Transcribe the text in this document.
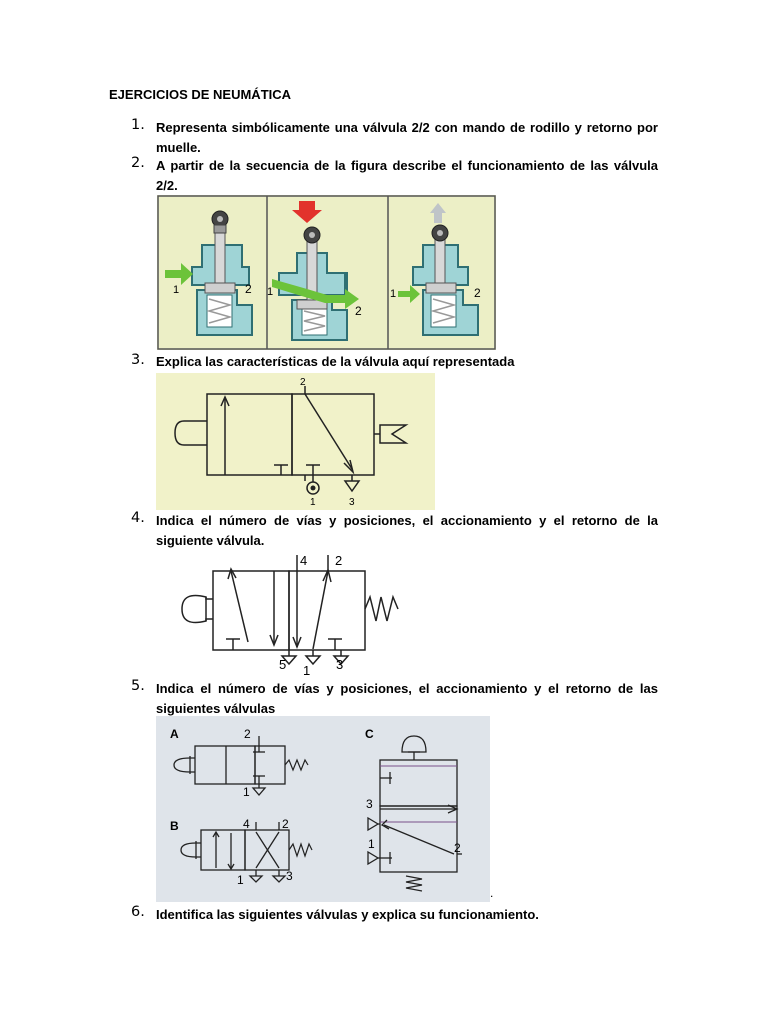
EJERCICIOS DE NEUMÁTICA
1. Representa simbólicamente una válvula 2/2 con mando de rodillo y retorno por muelle.
2. A partir de la secuencia de la figura describe el funcionamiento de las válvula 2/2.
1	2 1
2
1	2
3. Explica las características de la válvula aquí representada
2
1	3
4. Indica el número de vías y posiciones, el accionamiento y el retorno de la siguiente válvula.
4 2
5 1 3
5. Indica el número de vías y posiciones, el accionamiento y el retorno de las siguientes válvulas
A	2
1
B	4	2
1	3
C
3
1	2
.
6. Identifica las siguientes válvulas y explica su funcionamiento.
